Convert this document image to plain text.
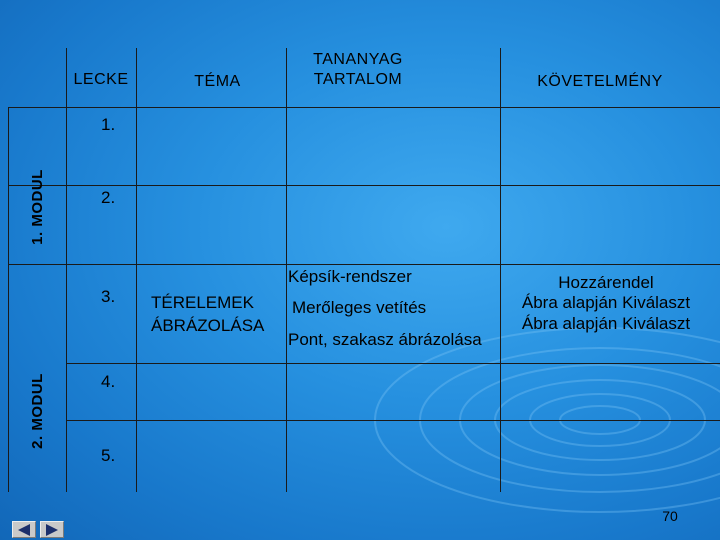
LECKE	TÉMA
TANANYAG
TARTALOM	KÖVETELMÉNY
1. MODUL
2. MODUL
1.
2.
3.
4.
5.
TÉRELEMEK
ÁBRÁZOLÁSA
Képsík-rendszer
Merőleges vetítés
Pont, szakasz ábrázolása
Hozzárendel
Ábra alapján Kiválaszt
Ábra alapján Kiválaszt
70
